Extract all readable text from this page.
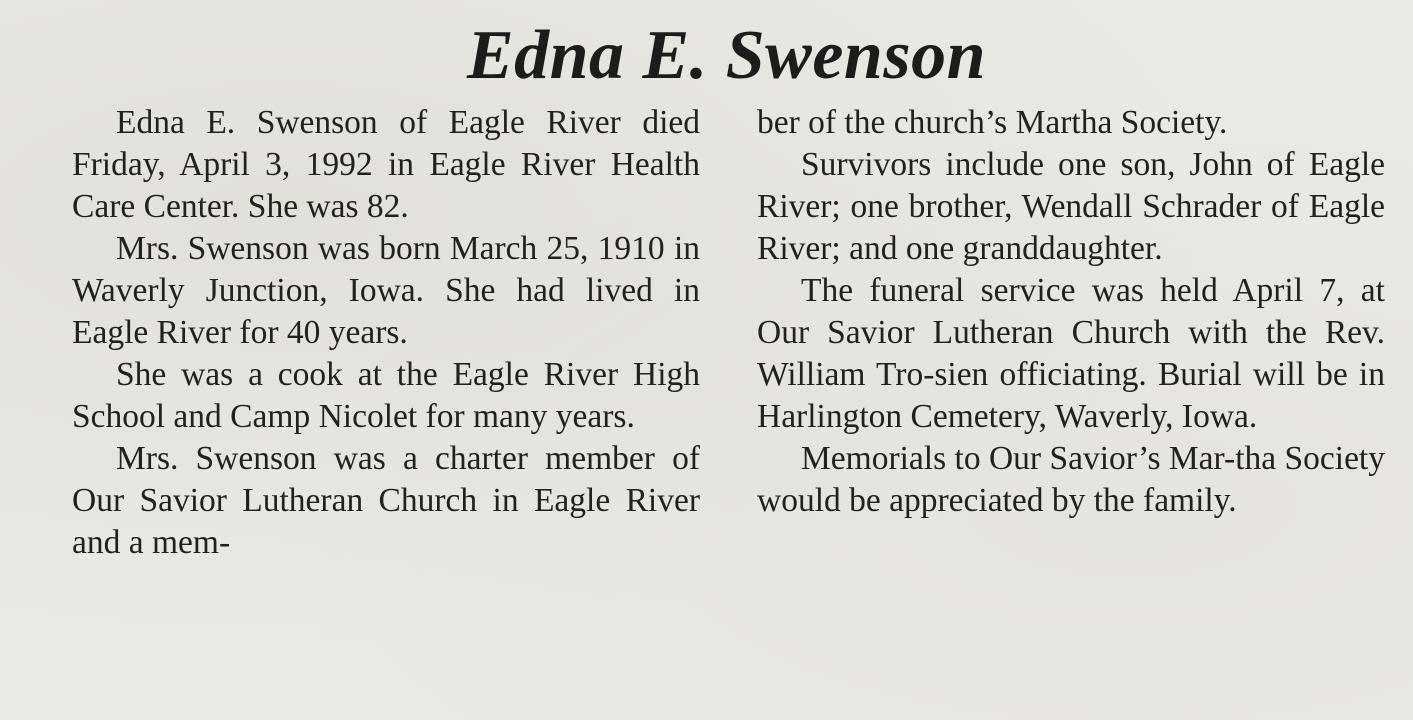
Edna E. Swenson

Edna E. Swenson of Eagle River died Friday, April 3, 1992 in Eagle River Health Care Center. She was 82.

Mrs. Swenson was born March 25, 1910 in Waverly Junction, Iowa. She had lived in Eagle River for 40 years.

She was a cook at the Eagle River High School and Camp Nicolet for many years.

Mrs. Swenson was a charter member of Our Savior Lutheran Church in Eagle River and a mem-

ber of the church’s Martha Society.

Survivors include one son, John of Eagle River; one brother, Wendall Schrader of Eagle River; and one granddaughter.

The funeral service was held April 7, at Our Savior Lutheran Church with the Rev. William Tro-sien officiating. Burial will be in Harlington Cemetery, Waverly, Iowa.

Memorials to Our Savior’s Mar-tha Society would be appreciated by the family.
